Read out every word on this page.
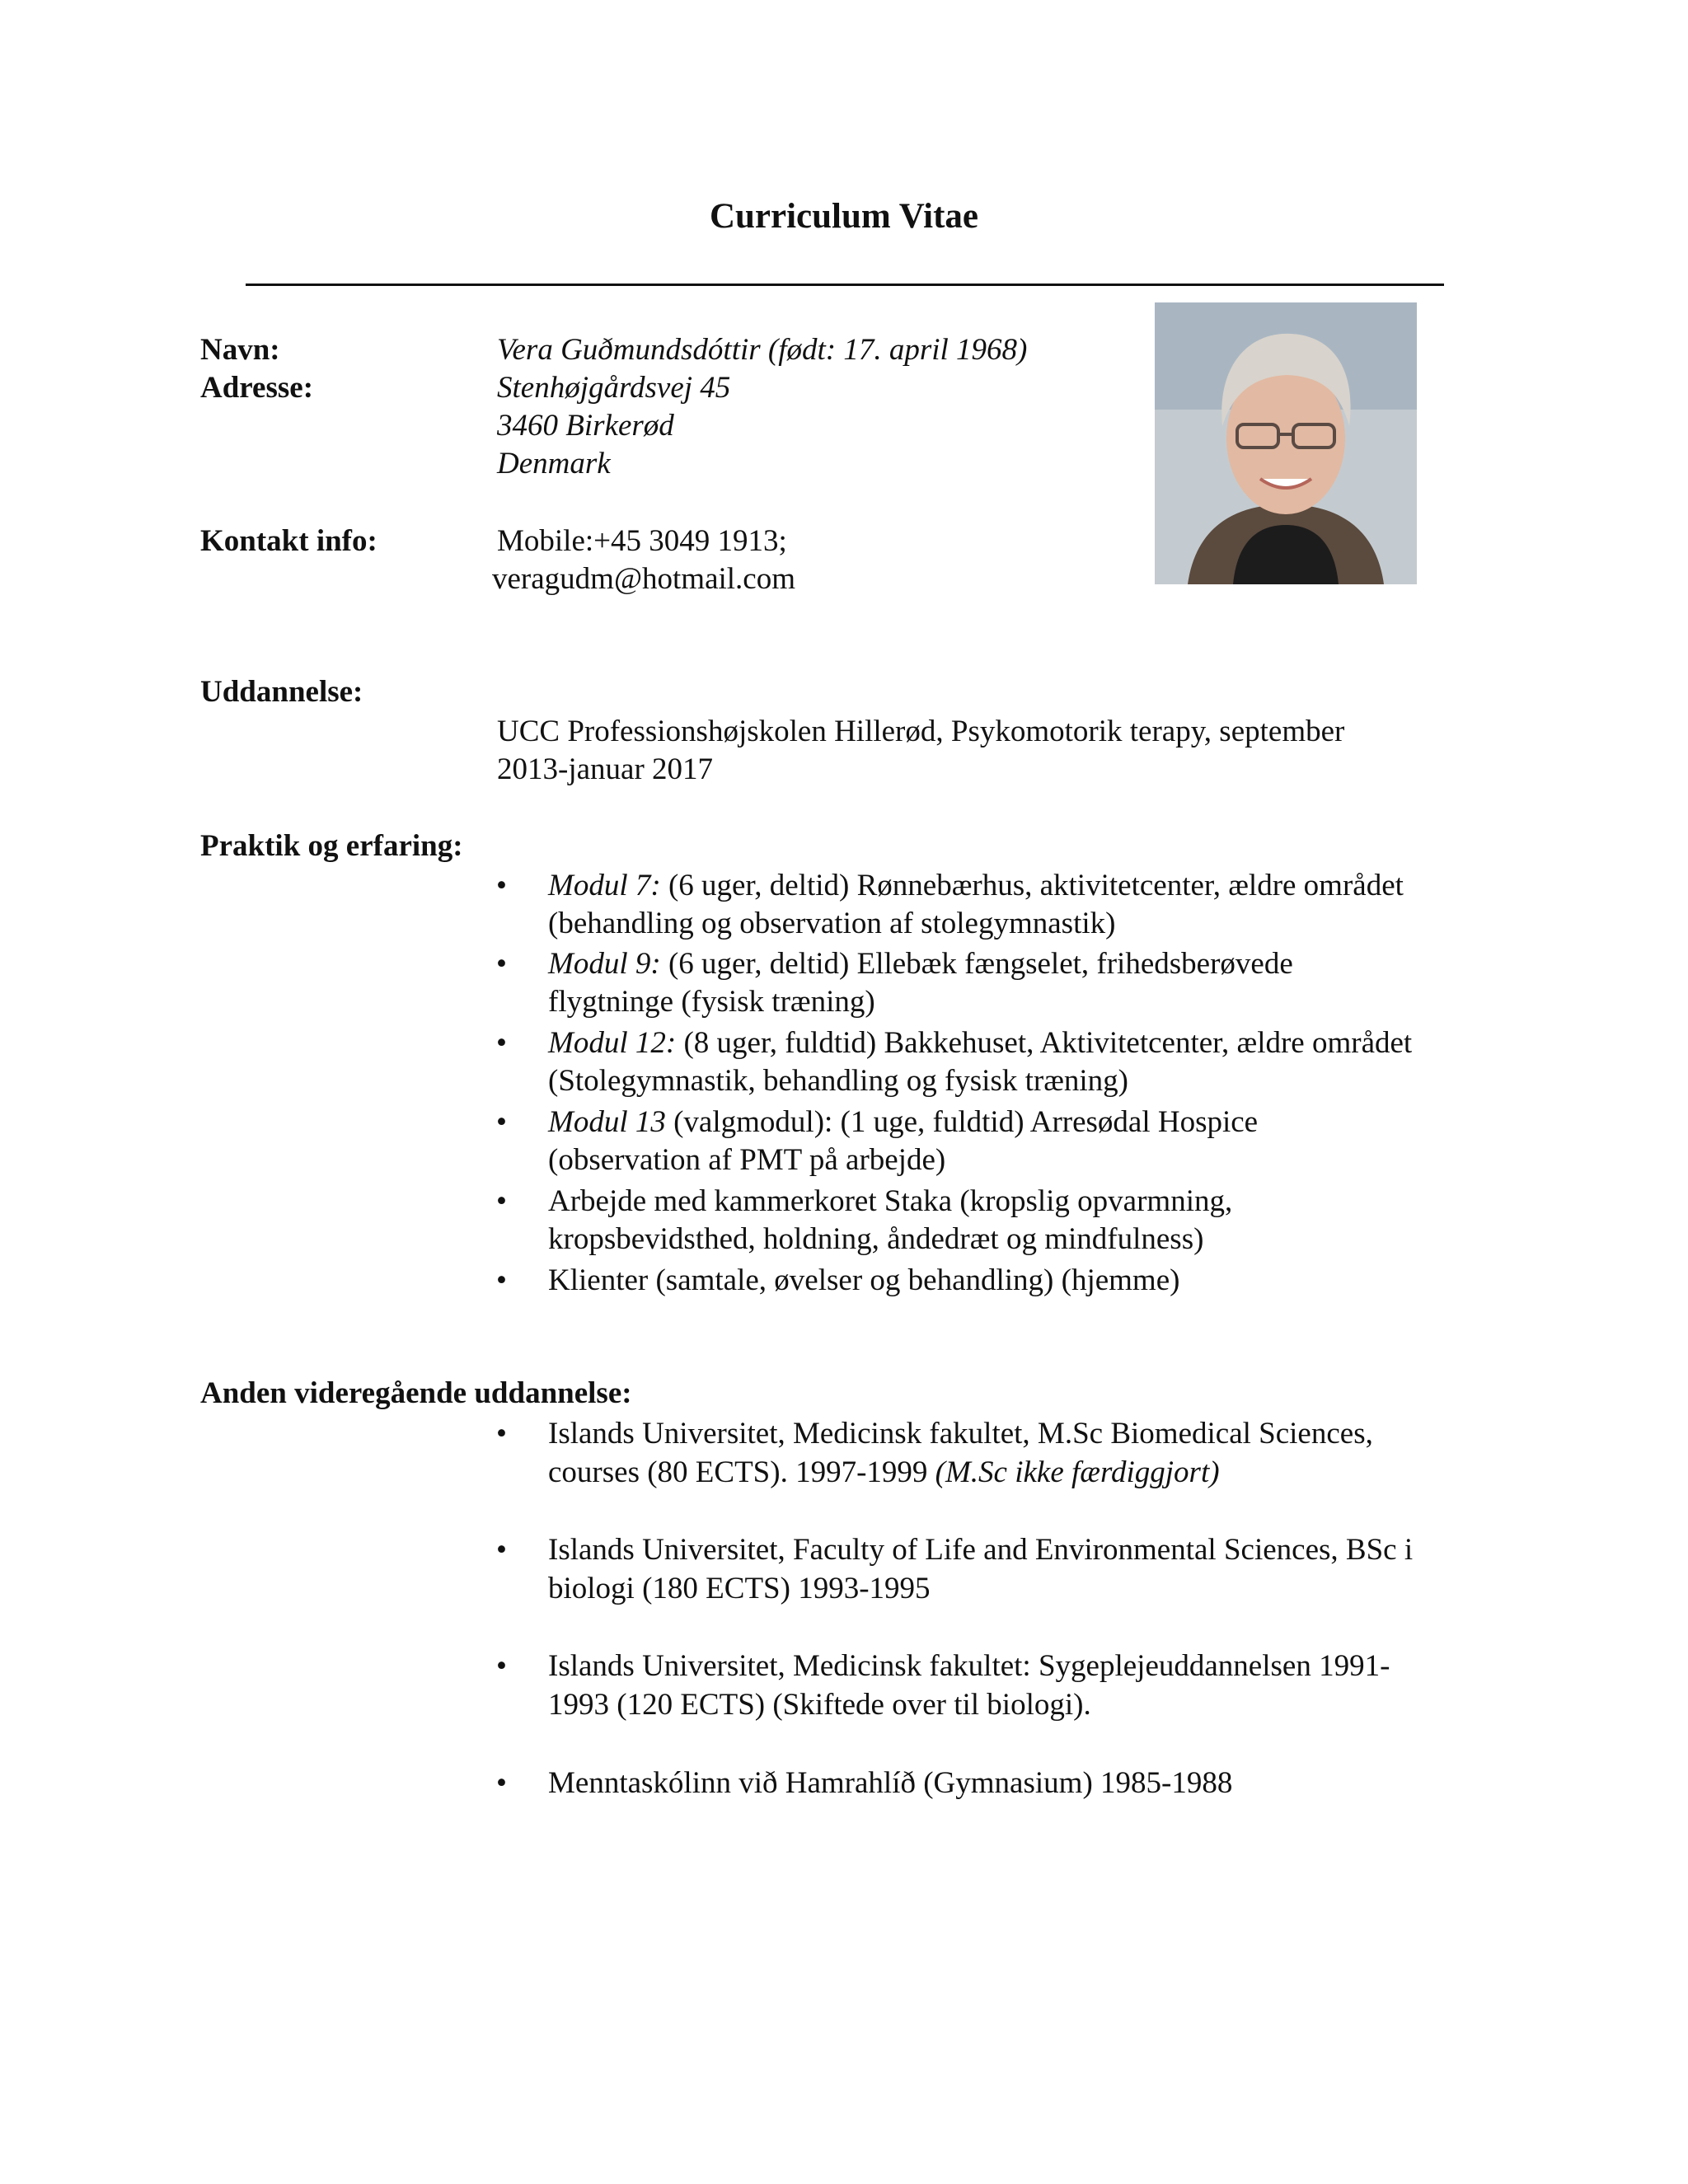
Curriculum Vitae
Navn:	Vera Guðmundsdóttir (født: 17. april 1968)
Adresse:	Stenhøjgårdsvej 45
3460 Birkerød
Denmark
Kontakt info:	Mobile:+45 3049 1913;
veragudm@hotmail.com
Uddannelse:
UCC Professionshøjskolen Hillerød, Psykomotorik terapy, september
2013-januar 2017
Praktik og erfaring:
• Modul 7: (6 uger, deltid) Rønnebærhus, aktivitetcenter, ældre området
(behandling og observation af stolegymnastik)
• Modul 9: (6 uger, deltid) Ellebæk fængselet, frihedsberøvede
flygtninge (fysisk træning)
• Modul 12: (8 uger, fuldtid) Bakkehuset, Aktivitetcenter, ældre området
(Stolegymnastik, behandling og fysisk træning)
• Modul 13 (valgmodul): (1 uge, fuldtid) Arresødal Hospice
(observation af PMT på arbejde)
• Arbejde med kammerkoret Staka (kropslig opvarmning,
kropsbevidsthed, holdning, åndedræt og mindfulness)
• Klienter (samtale, øvelser og behandling) (hjemme)
Anden videregående uddannelse:
• Islands Universitet, Medicinsk fakultet, M.Sc Biomedical Sciences,
courses (80 ECTS). 1997-1999 (M.Sc ikke færdiggjort)
• Islands Universitet, Faculty of Life and Environmental Sciences, BSc i
biologi (180 ECTS) 1993-1995
• Islands Universitet, Medicinsk fakultet: Sygeplejeuddannelsen 1991-
1993 (120 ECTS) (Skiftede over til biologi).
• Menntaskólinn við Hamrahlíð (Gymnasium) 1985-1988
